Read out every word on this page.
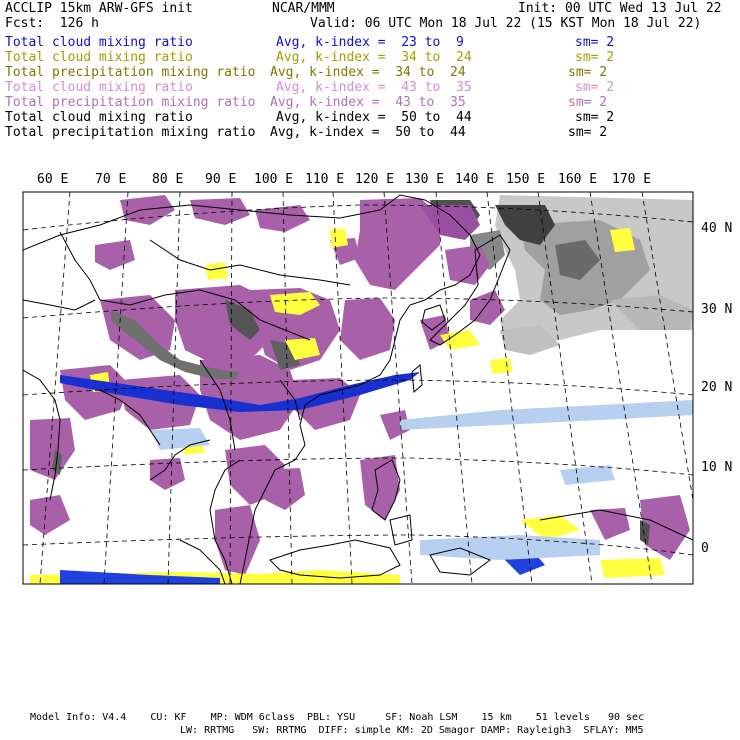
ACCLIP 15km ARW-GFS init	NCAR/MMM	Init: 00 UTC Wed 13 Jul 22
Fcst:  126 h	Valid: 06 UTC Mon 18 Jul 22 (15 KST Mon 18 Jul 22)
Total cloud mixing ratio	Avg, k-index =  23 to  9	sm= 2
Total cloud mixing ratio	Avg, k-index =  34 to  24	sm= 2
Total precipitation mixing ratio Avg, k-index =  34 to  24	sm= 2
Total cloud mixing ratio	Avg, k-index =  43 to  35	sm= 2
Total precipitation mixing ratio Avg, k-index =  43 to  35	sm= 2
Total cloud mixing ratio	Avg, k-index =  50 to  44	sm= 2
Total precipitation mixing ratio Avg, k-index =  50 to  44	sm= 2
60 E 70 E 80 E 90 E 100 E 110 E 120 E 130 E 140 E 150 E 160 E 170 E
40 N
30 N
20 N
10 N
0
Model Info: V4.4    CU: KF    MP: WDM 6class  PBL: YSU     SF: Noah LSM    15 km    51 levels   90 sec
LW: RRTMG   SW: RRTMG  DIFF: simple KM: 2D Smagor DAMP: Rayleigh3  SFLAY: MM5
